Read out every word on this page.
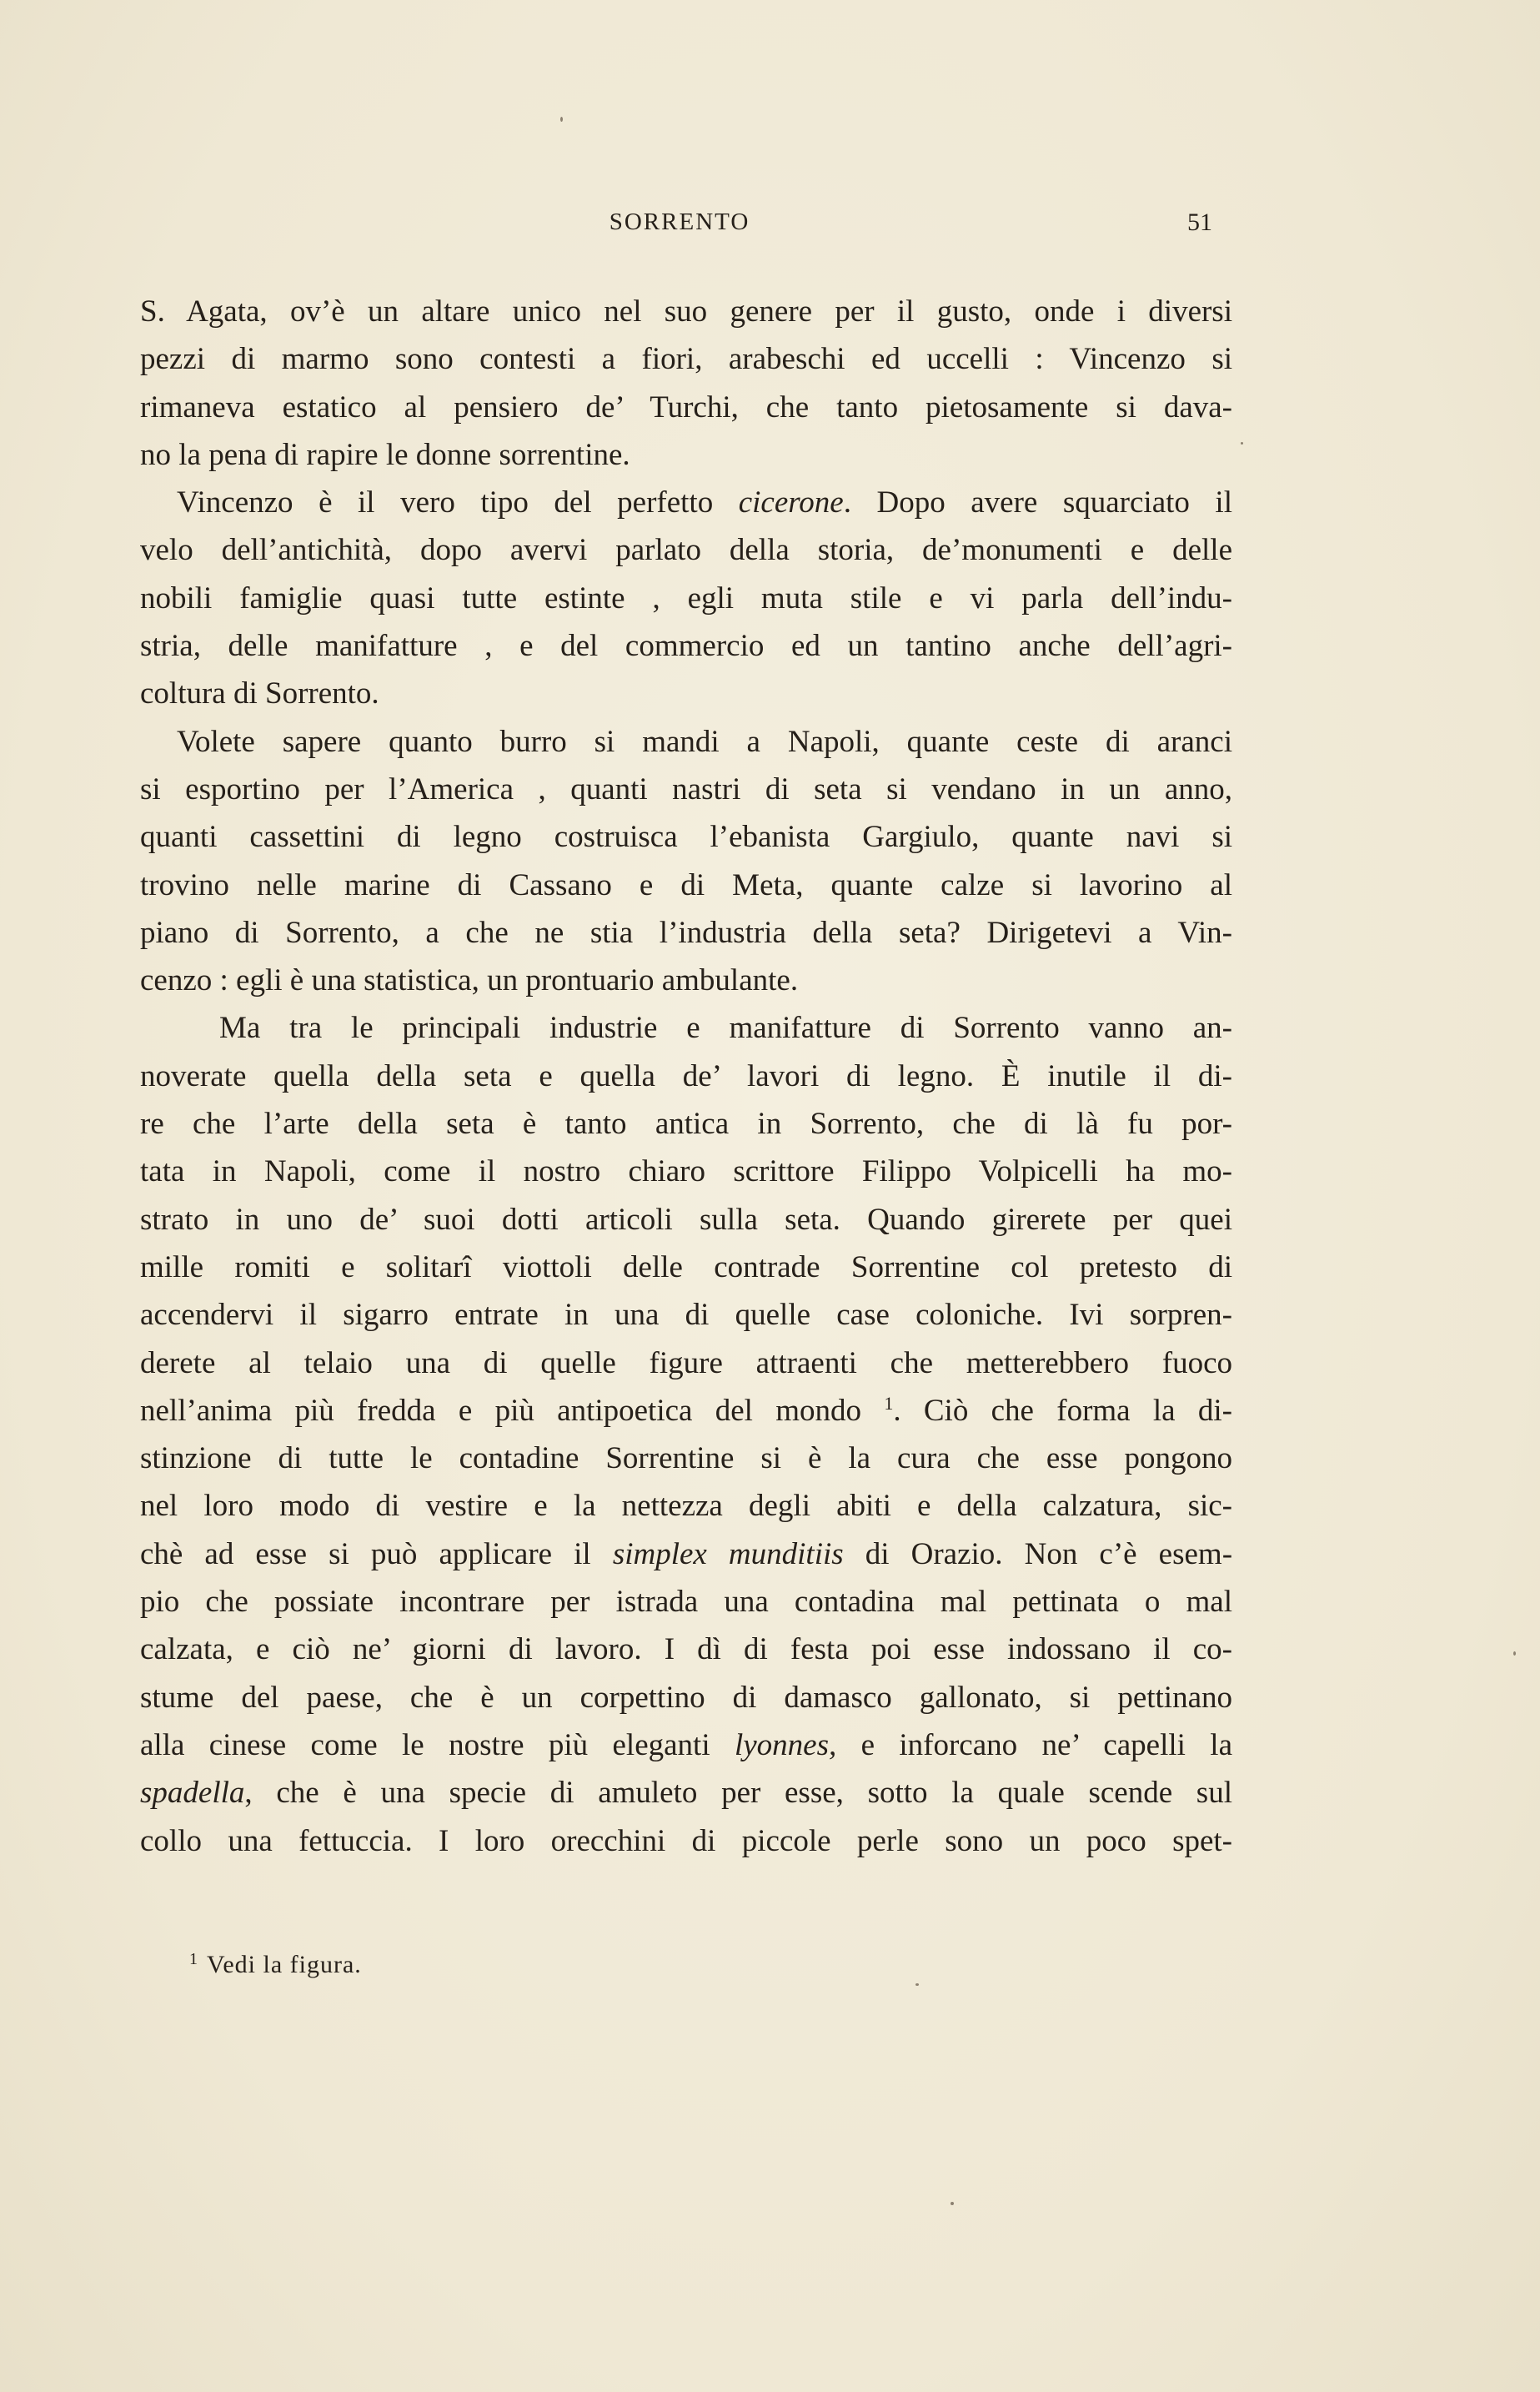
SORRENTO	51
S. Agata, ov’è un altare unico nel suo genere per il gusto, onde i diversi
pezzi di marmo sono contesti a fiori, arabeschi ed uccelli : Vincenzo si
rimaneva estatico al pensiero de’ Turchi, che tanto pietosamente si dava-
no la pena di rapire le donne sorrentine.
Vincenzo è il vero tipo del perfetto cicerone. Dopo avere squarciato il
velo dell’antichità, dopo avervi parlato della storia, de’monumenti e delle
nobili famiglie quasi tutte estinte , egli muta stile e vi parla dell’indu-
stria, delle manifatture , e del commercio ed un tantino anche dell’agri-
coltura di Sorrento.
Volete sapere quanto burro si mandi a Napoli, quante ceste di aranci
si esportino per l’America , quanti nastri di seta si vendano in un anno,
quanti cassettini di legno costruisca l’ebanista Gargiulo, quante navi si
trovino nelle marine di Cassano e di Meta, quante calze si lavorino al
piano di Sorrento, a che ne stia l’industria della seta? Dirigetevi a Vin-
cenzo : egli è una statistica, un prontuario ambulante.
Ma tra le principali industrie e manifatture di Sorrento vanno an-
noverate quella della seta e quella de’ lavori di legno. È inutile il di-
re che l’arte della seta è tanto antica in Sorrento, che di là fu por-
tata in Napoli, come il nostro chiaro scrittore Filippo Volpicelli ha mo-
strato in uno de’ suoi dotti articoli sulla seta. Quando girerete per quei
mille romiti e solitarî viottoli delle contrade Sorrentine col pretesto di
accendervi il sigarro entrate in una di quelle case coloniche. Ivi sorpren-
derete al telaio una di quelle figure attraenti che metterebbero fuoco
nell’anima più fredda e più antipoetica del mondo $^1$. Ciò che forma la di-
stinzione di tutte le contadine Sorrentine si è la cura che esse pongono
nel loro modo di vestire e la nettezza degli abiti e della calzatura, sic-
chè ad esse si può applicare il simplex munditiis di Orazio. Non c’è esem-
pio che possiate incontrare per istrada una contadina mal pettinata o mal
calzata, e ciò ne’ giorni di lavoro. I dì di festa poi esse indossano il co-
stume del paese, che è un corpettino di damasco gallonato, si pettinano
alla cinese come le nostre più eleganti lyonnes, e inforcano ne’ capelli la
spadella, che è una specie di amuleto per esse, sotto la quale scende sul
collo una fettuccia. I loro orecchini di piccole perle sono un poco spet-
$^1$ Vedi la figura.
